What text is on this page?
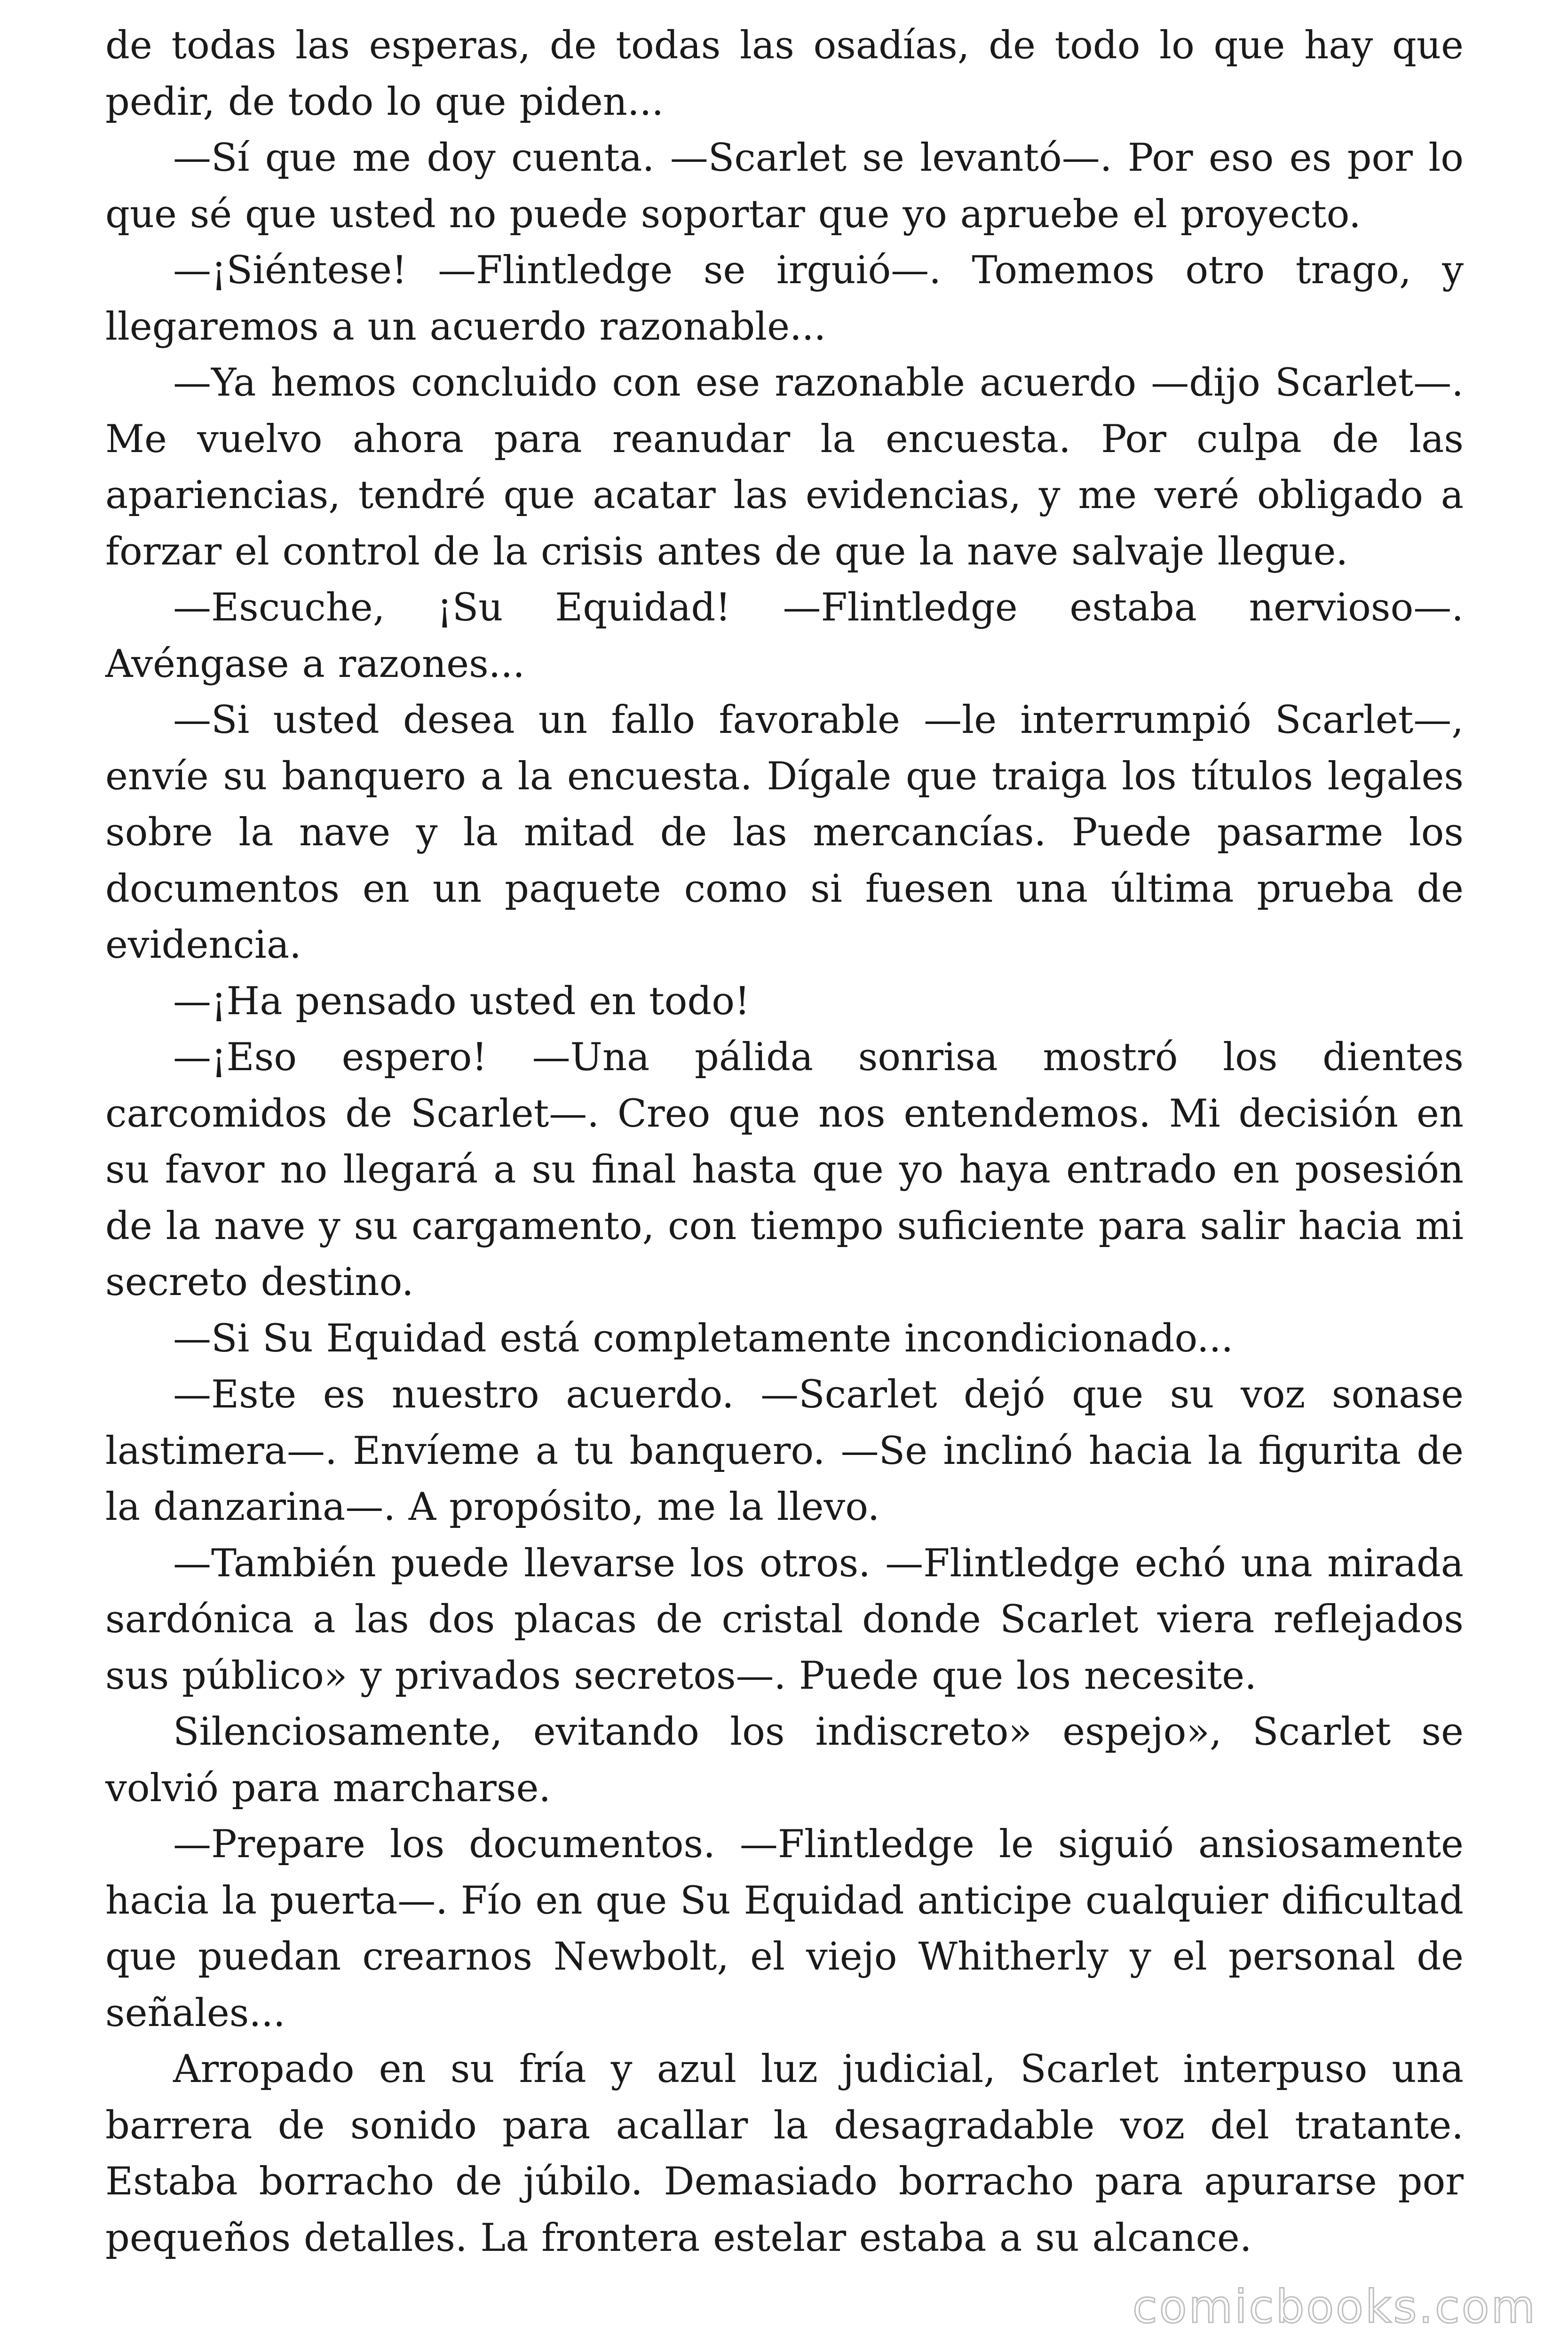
de todas las esperas, de todas las osadías, de todo lo que hay que pedir, de todo lo que piden...

—Sí que me doy cuenta. —Scarlet se levantó—. Por eso es por lo que sé que usted no puede soportar que yo apruebe el proyecto.

—¡Siéntese! —Flintledge se irguió—. Tomemos otro trago, y llegaremos a un acuerdo razonable...

—Ya hemos concluido con ese razonable acuerdo —dijo Scarlet—. Me vuelvo ahora para reanudar la encuesta. Por culpa de las apariencias, tendré que acatar las evidencias, y me veré obligado a forzar el control de la crisis antes de que la nave salvaje llegue.

—Escuche, ¡Su Equidad! —Flintledge estaba nervioso—. Avéngase a razones...

—Si usted desea un fallo favorable —le interrumpió Scarlet—, envíe su banquero a la encuesta. Dígale que traiga los títulos legales sobre la nave y la mitad de las mercancías. Puede pasarme los documentos en un paquete como si fuesen una última prueba de evidencia.

—¡Ha pensado usted en todo!

—¡Eso espero! —Una pálida sonrisa mostró los dientes carcomidos de Scarlet—. Creo que nos entendemos. Mi decisión en su favor no llegará a su final hasta que yo haya entrado en posesión de la nave y su cargamento, con tiempo suficiente para salir hacia mi secreto destino.

—Si Su Equidad está completamente incondicionado...

—Este es nuestro acuerdo. —Scarlet dejó que su voz sonase lastimera—. Envíeme a tu banquero. —Se inclinó hacia la figurita de la danzarina—. A propósito, me la llevo.

—También puede llevarse los otros. —Flintledge echó una mirada sardónica a las dos placas de cristal donde Scarlet viera reflejados sus público» y privados secretos—. Puede que los necesite.

Silenciosamente, evitando los indiscreto» espejo», Scarlet se volvió para marcharse.

—Prepare los documentos. —Flintledge le siguió ansiosamente hacia la puerta—. Fío en que Su Equidad anticipe cualquier dificultad que puedan crearnos Newbolt, el viejo Whitherly y el personal de señales...

Arropado en su fría y azul luz judicial, Scarlet interpuso una barrera de sonido para acallar la desagradable voz del tratante. Estaba borracho de júbilo. Demasiado borracho para apurarse por pequeños detalles. La frontera estelar estaba a su alcance.

comicbooks.com
